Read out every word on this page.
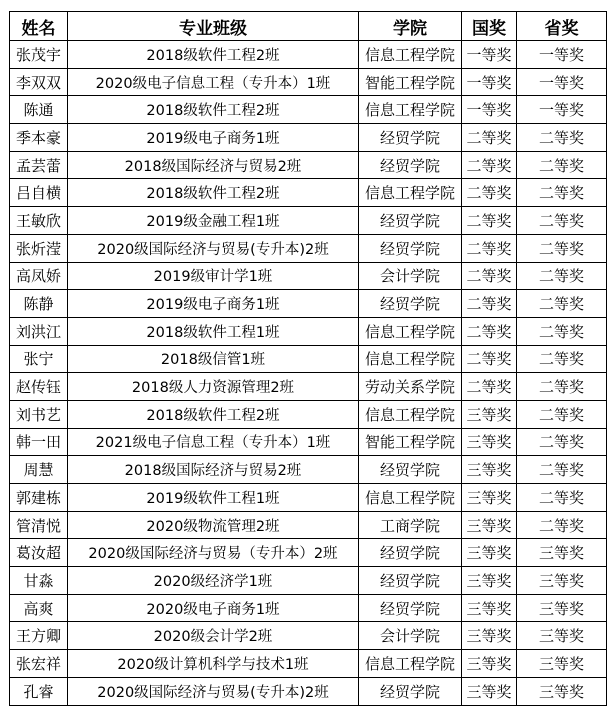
姓名	专业班级	学院	国奖	省奖
张茂宇	2018级软件工程2班	信息工程学院	一等奖	一等奖
李双双	2020级电子信息工程（专升本）1班	智能工程学院	一等奖	一等奖
陈通	2018级软件工程2班	信息工程学院	一等奖	一等奖
季本豪	2019级电子商务1班	经贸学院	二等奖	二等奖
孟芸蕾	2018级国际经济与贸易2班	经贸学院	二等奖	二等奖
吕自横	2018级软件工程2班	信息工程学院	二等奖	二等奖
王敏欣	2019级金融工程1班	经贸学院	二等奖	二等奖
张炘滢	2020级国际经济与贸易(专升本)2班	经贸学院	二等奖	二等奖
高凤娇	2019级审计学1班	会计学院	二等奖	二等奖
陈静	2019级电子商务1班	经贸学院	二等奖	二等奖
刘洪江	2018级软件工程1班	信息工程学院	二等奖	二等奖
张宁	2018级信管1班	信息工程学院	二等奖	二等奖
赵传钰	2018级人力资源管理2班	劳动关系学院	二等奖	二等奖
刘书艺	2018级软件工程2班	信息工程学院	三等奖	二等奖
韩一田	2021级电子信息工程（专升本）1班	智能工程学院	三等奖	二等奖
周慧	2018级国际经济与贸易2班	经贸学院	三等奖	二等奖
郭建栋	2019级软件工程1班	信息工程学院	三等奖	二等奖
管清悦	2020级物流管理2班	工商学院	三等奖	二等奖
葛汝超	2020级国际经济与贸易（专升本）2班	经贸学院	三等奖	三等奖
甘淼	2020级经济学1班	经贸学院	三等奖	三等奖
高爽	2020级电子商务1班	经贸学院	三等奖	三等奖
王方卿	2020级会计学2班	会计学院	三等奖	三等奖
张宏祥	2020级计算机科学与技术1班	信息工程学院	三等奖	三等奖
孔睿	2020级国际经济与贸易(专升本)2班	经贸学院	三等奖	三等奖
